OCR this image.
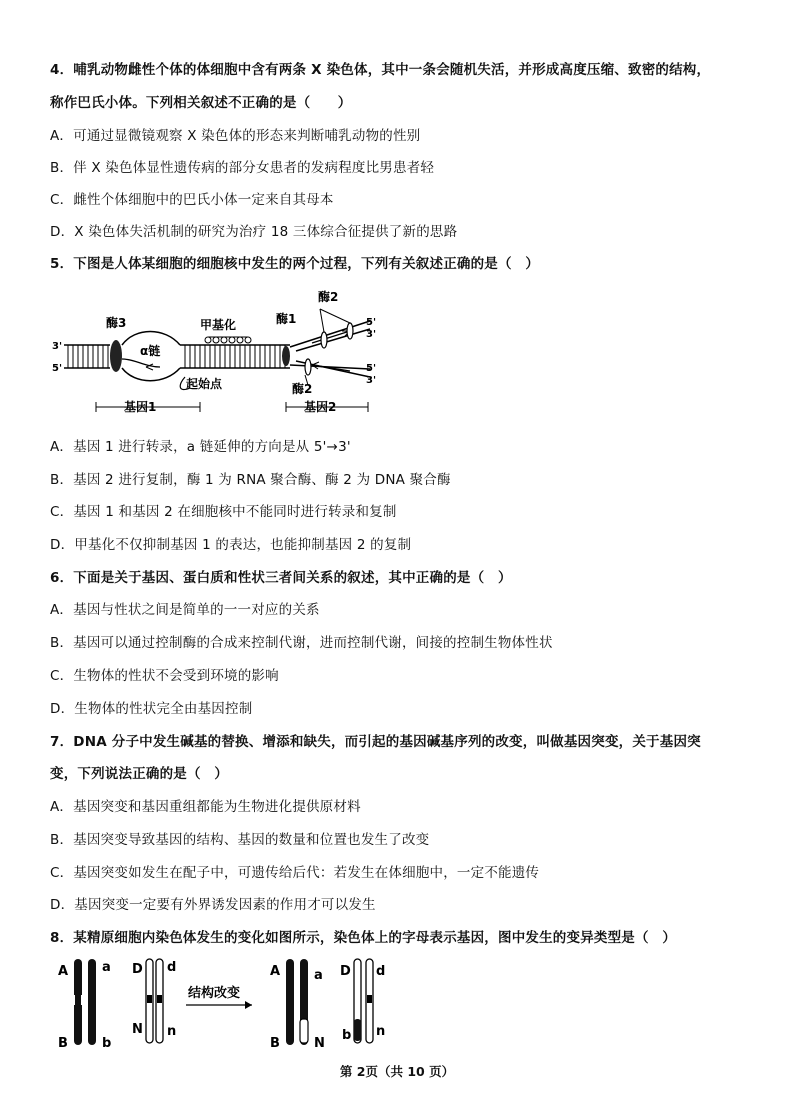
4．哺乳动物雌性个体的体细胞中含有两条 X 染色体，其中一条会随机失活，并形成高度压缩、致密的结构，
称作巴氏小体。下列相关叙述不正确的是（　　）
A．可通过显微镜观察 X 染色体的形态来判断哺乳动物的性别
B．伴 X 染色体显性遗传病的部分女患者的发病程度比男患者轻
C．雌性个体细胞中的巴氏小体一定来自其母本
D．X 染色体失活机制的研究为治疗 18 三体综合征提供了新的思路
5．下图是人体某细胞的细胞核中发生的两个过程，下列有关叙述正确的是（　）
3'
5'
酶3
α链
甲基化	酶1
酶2
酶2
起始点
5'
3'
5'
3'
基因1	基因2
A．基因 1 进行转录，a 链延伸的方向是从 5'→3'
B．基因 2 进行复制，酶 1 为 RNA 聚合酶、酶 2 为 DNA 聚合酶
C．基因 1 和基因 2 在细胞核中不能同时进行转录和复制
D．甲基化不仅抑制基因 1 的表达，也能抑制基因 2 的复制
6．下面是关于基因、蛋白质和性状三者间关系的叙述，其中正确的是（　）
A．基因与性状之间是简单的一一对应的关系
B．基因可以通过控制酶的合成来控制代谢，进而控制代谢，间接的控制生物体性状
C．生物体的性状不会受到环境的影响
D．生物体的性状完全由基因控制
7．DNA 分子中发生碱基的替换、增添和缺失，而引起的基因碱基序列的改变，叫做基因突变，关于基因突
变，下列说法正确的是（　）
A．基因突变和基因重组都能为生物进化提供原材料
B．基因突变导致基因的结构、基因的数量和位置也发生了改变
C．基因突变如发生在配子中，可遗传给后代：若发生在体细胞中，一定不能遗传
D．基因突变一定要有外界诱发因素的作用才可以发生
8．某精原细胞内染色体发生的变化如图所示，染色体上的字母表示基因，图中发生的变异类型是（　）
A	a
B	b
D d
N n
结构改变
A	a
B	N
D d
b n
第 2页（共 10 页）
